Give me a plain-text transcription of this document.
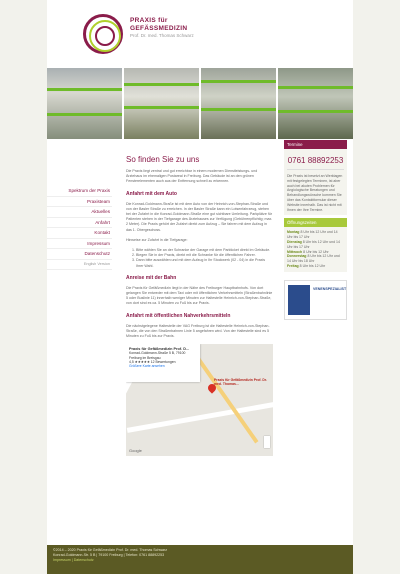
PRAXIS für
GEFÄSSMEDIZIN
Prof. Dr. med. Thomas Schwarz
Spektrum der Praxis
Praxisteam
Aktuelles
Anfahrt
Kontakt
Impressum
Datenschutz
English Version
So finden Sie zu uns

Die Praxis liegt zentral und gut erreichbar in einem modernen Dienstleistungs- und Ärztehaus im ehemaligen Postareal in Freiburg. Das Gebäude ist an den grünen Fensterelementen auch aus der Entfernung schnell zu erkennen.

Anfahrt mit dem Auto

Die Konrad-Goldmann-Straße ist mit dem Auto von der Heinrich-von-Stephan-Straße und von der Basler Straße zu erreichen. In der Basler Straße kann ein Lotsenfahrzeug, stehen bei der Zufahrt in die Konrad-Goldmann-Straße eine gut sichtbare Umleitung. Parkplätze für Patienten stehen in der Tiefgarage des Ärztehauses zur Verfügung (Gebührenpflichtig; max. 2 Meter). Die Praxis gehört der Zufahrt direkt zum Aufzug – Sie fahren mit dem Aufzug in das 1. Obergeschoss.

Hinweise zur Zufahrt in die Tiefgarage:

1. Bitte wählen Sie an der Schranke der Garage mit dem Parkticket direkt im Gebäude.
2. Biegen Sie in der Praxis, direkt mit die Schranke für die öffentlichen Fahrer.
3. Dann bitte auswählen und mit dem Aufzug in Ihr Stockwerk (02 - 04) in die Praxis Ihrer Wahl.
Anreise mit der Bahn

Die Praxis für Gefäßmedizin liegt in der Nähe des Freiburger Hauptbahnhofs. Von dort gelangen Sie entweder mit dem Taxi oder mit öffentlichen Verkehrsmitteln (Straßenbahnlinie 5 oder Buslinie 11) innerhalb weniger Minuten zur Haltestelle Heinrich-von-Stephan-Straße, von dort sind es ca. 5 Minuten zu Fuß bis zur Praxis.

Anfahrt mit öffentlichen Nahverkehrsmitteln

Die nächstgelegene Haltestelle der VAG Freiburg ist die Haltestelle Heinrich-von-Stephan-Straße, die von den Straßenbahnen Linie 5 angefahren wird. Von der Haltestelle sind es 5 Minuten zu Fuß bis zur Praxis.

Praxis für Gefäßmedizin Prof. D...
Konrad-Goldmann-Straße 5 B, 79100 Freiburg im Breisgau
4,5 ★★★★★ 12 Bewertungen
Größere Karte ansehen
Praxis für Gefäßmedizin Prof. Dr. med. Thomas...
Google
Termine
0761 88892253
Die Praxis ist besetzt an Werktagen mit festgelegten Terminen, ist aber auch bei akuten Problemen für Angiologische Beratungen und Behandlungswünsche kommen Sie über das Kontaktformular dieser Website innerhalb. Das ist nicht mit Ihnen der Ihre Termine.
Öffnungszeiten
Montag 8 Uhr bis 12 Uhr und 14 Uhr bis 17 Uhr
Dienstag 8 Uhr bis 12 Uhr und 14 Uhr bis 17 Uhr
Mittwoch 8 Uhr bis 12 Uhr
Donnerstag 8 Uhr bis 12 Uhr und 14 Uhr bis 18 Uhr
Freitag 8 Uhr bis 12 Uhr
VENENSPEZIALIST
©2014 – 2020 Praxis für Gefäßmedizin Prof. Dr. med. Thomas Schwarz
Konrad-Goldmann-Str. 5 B | 79100 Freiburg | Telefon: 0761 88892253
Impressum | Datenschutz
